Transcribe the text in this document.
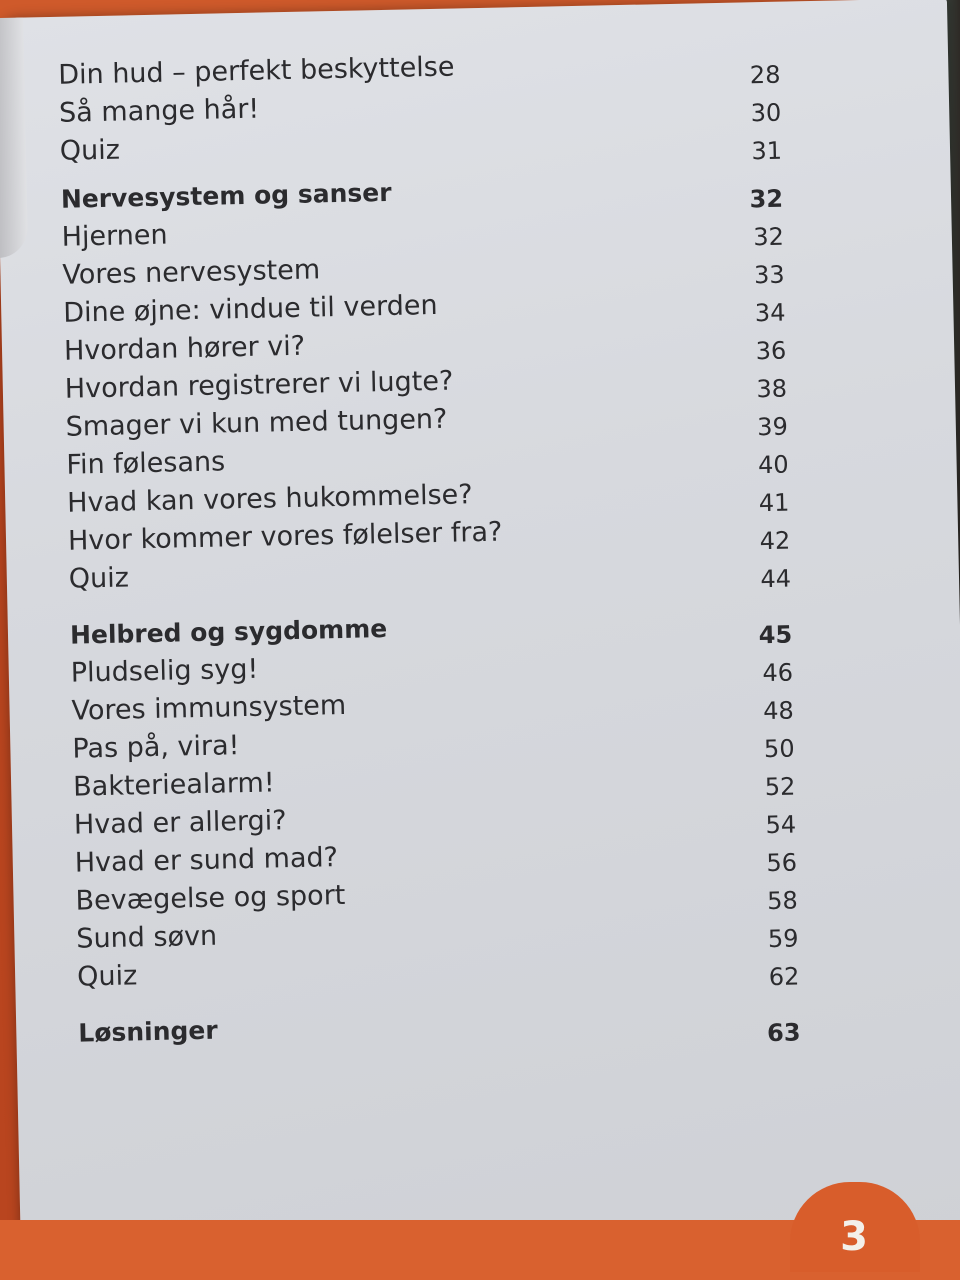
Din hud – perfekt beskyttelse	28
Så mange hår!	30
Quiz	31
Nervesystem og sanser	32
Hjernen	32
Vores nervesystem	33
Dine øjne: vindue til verden	34
Hvordan hører vi?	36
Hvordan registrerer vi lugte?	38
Smager vi kun med tungen?	39
Fin følesans	40
Hvad kan vores hukommelse?	41
Hvor kommer vores følelser fra?	42
Quiz	44
Helbred og sygdomme	45
Pludselig syg!	46
Vores immunsystem	48
Pas på, vira!	50
Bakteriealarm!	52
Hvad er allergi?	54
Hvad er sund mad?	56
Bevægelse og sport	58
Sund søvn	59
Quiz	62
Løsninger	63
3
